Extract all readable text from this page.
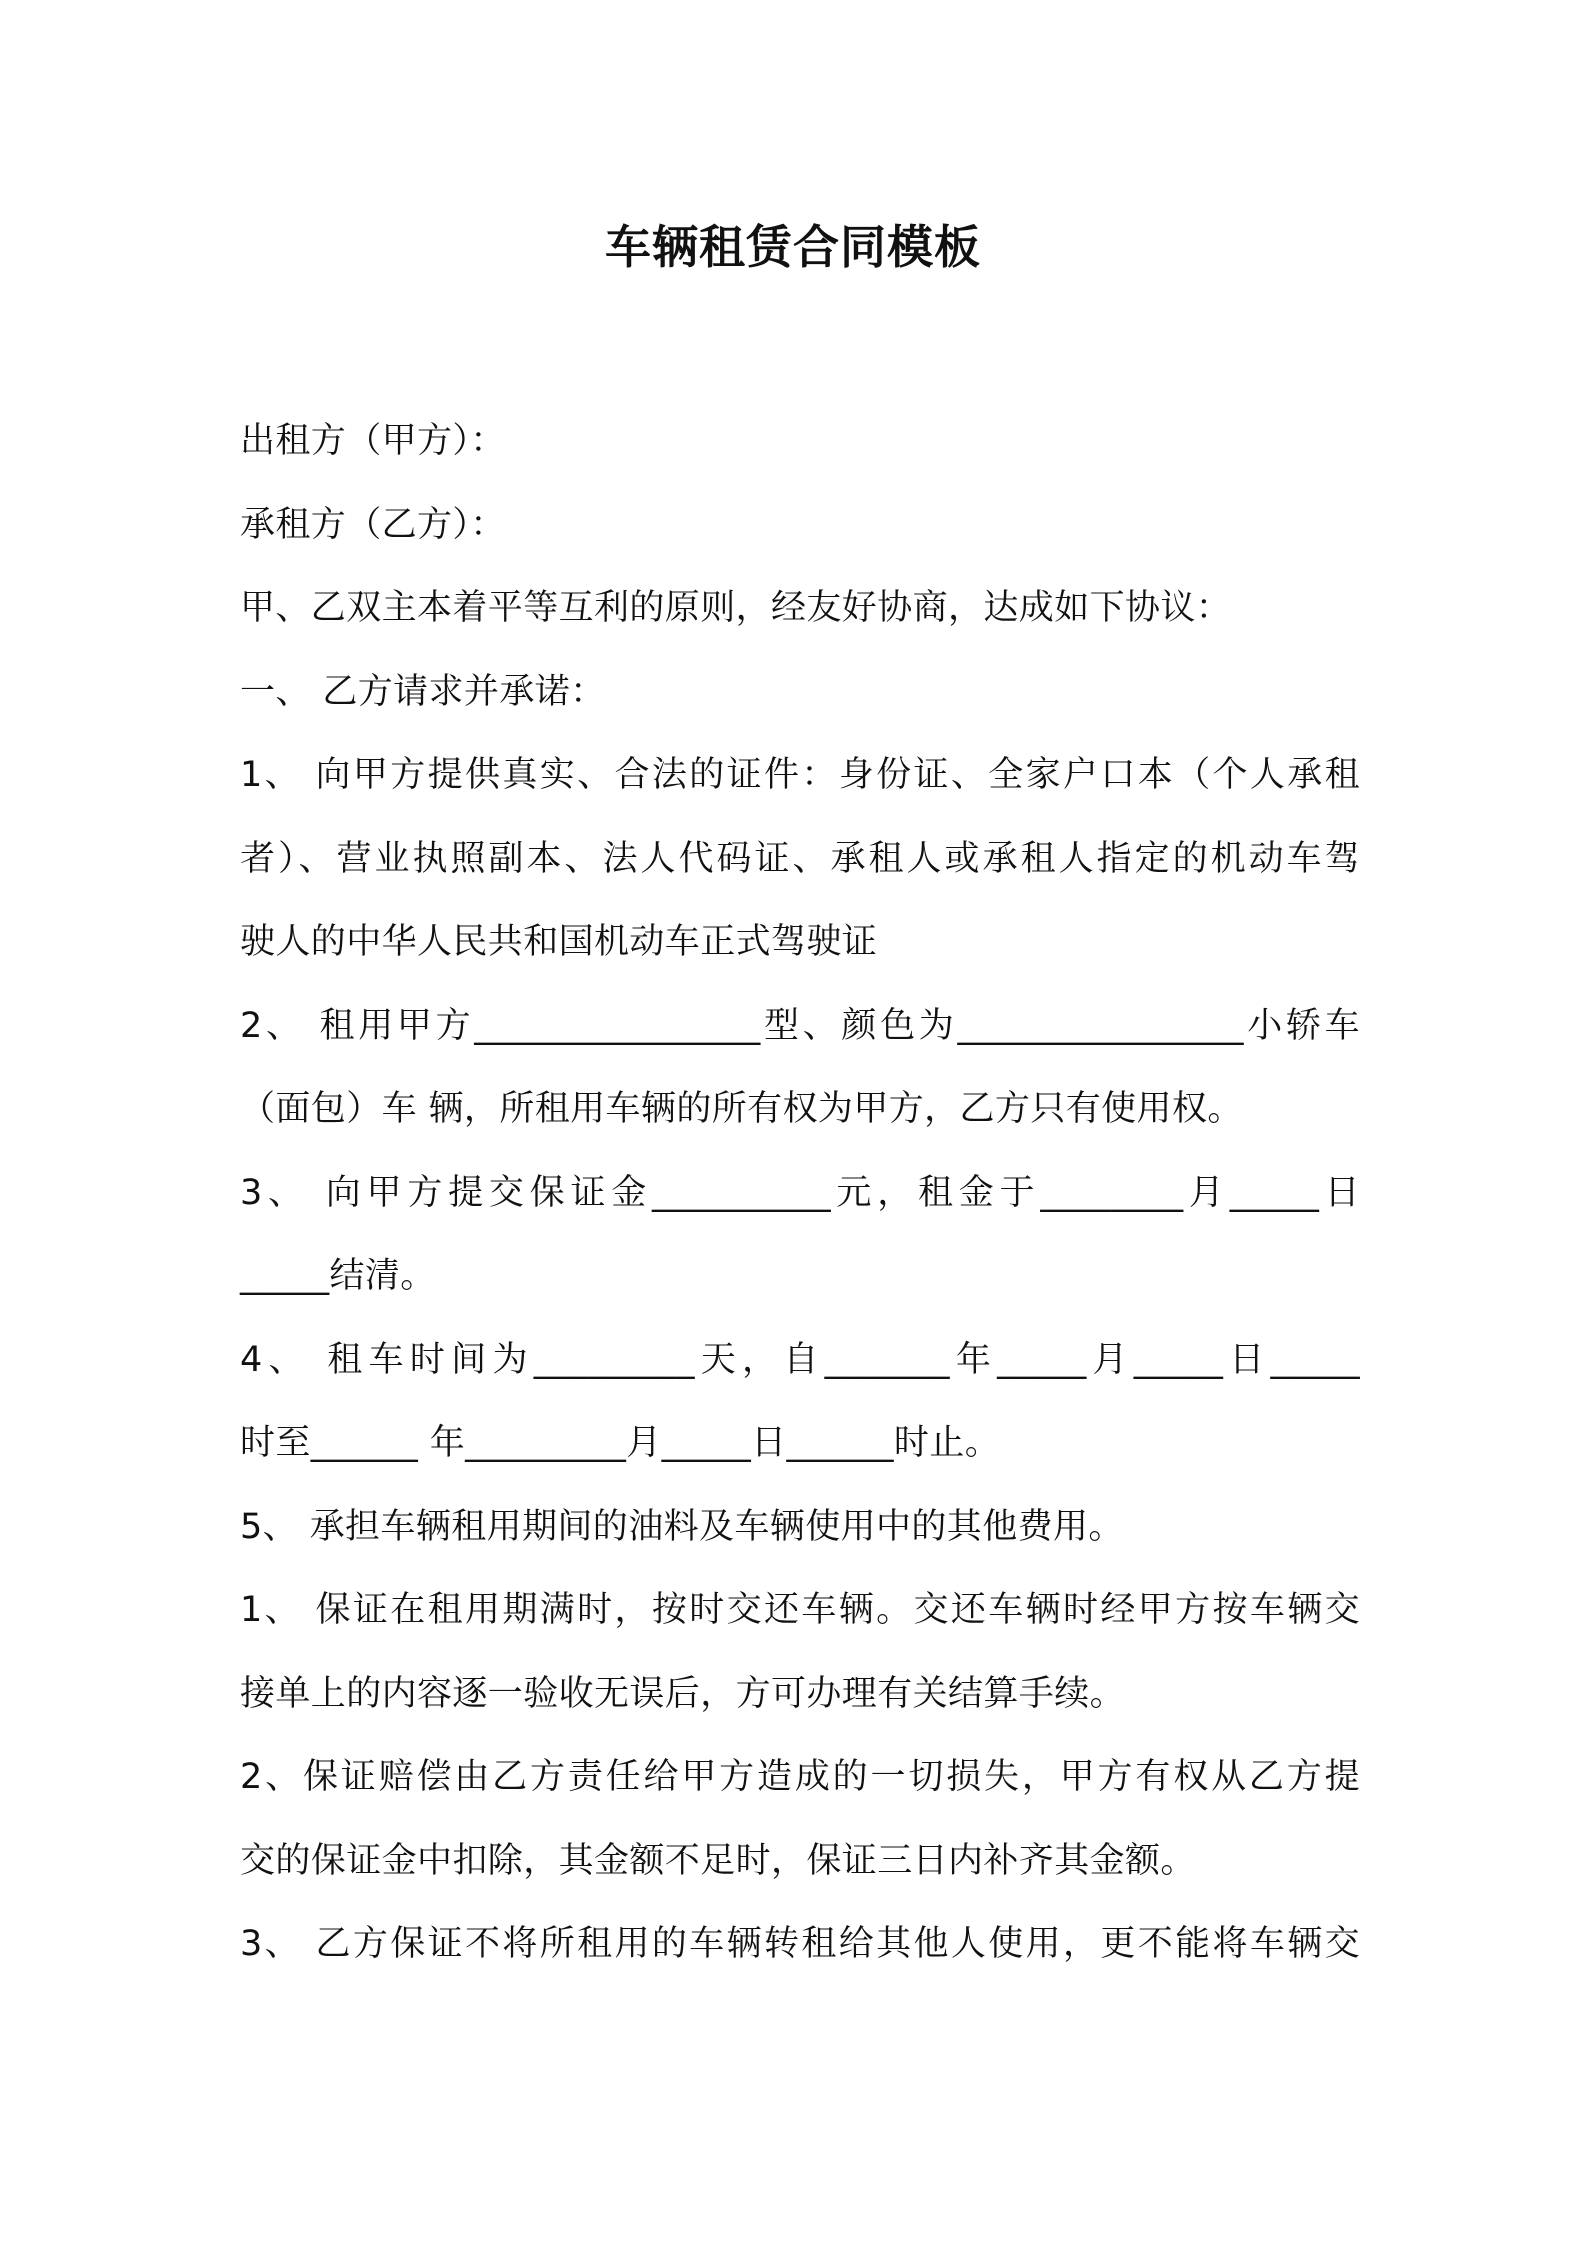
车辆租赁合同模板
出租方（甲方）：
承租方（乙方）：
甲、乙双主本着平等互利的原则，经友好协商，达成如下协议：
一、 乙方请求并承诺：
1、 向甲方提供真实、合法的证件：身份证、全家户口本（个人承租
者）、营业执照副本、法人代码证、承租人或承租人指定的机动车驾
驶人的中华人民共和国机动车正式驾驶证
2、 租用甲方________________型、颜色为________________小轿车
（面包）车 辆，所租用车辆的所有权为甲方，乙方只有使用权。
3、 向甲方提交保证金__________元，租金于________月_____日
_____结清。
4、 租车时间为_________天，自_______年_____月_____日_____
时至______ 年_________月_____日______时止。
5、 承担车辆租用期间的油料及车辆使用中的其他费用。
1、 保证在租用期满时，按时交还车辆。交还车辆时经甲方按车辆交
接单上的内容逐一验收无误后，方可办理有关结算手续。
2、保证赔偿由乙方责任给甲方造成的一切损失，甲方有权从乙方提
交的保证金中扣除，其金额不足时，保证三日内补齐其金额。
3、 乙方保证不将所租用的车辆转租给其他人使用，更不能将车辆交
